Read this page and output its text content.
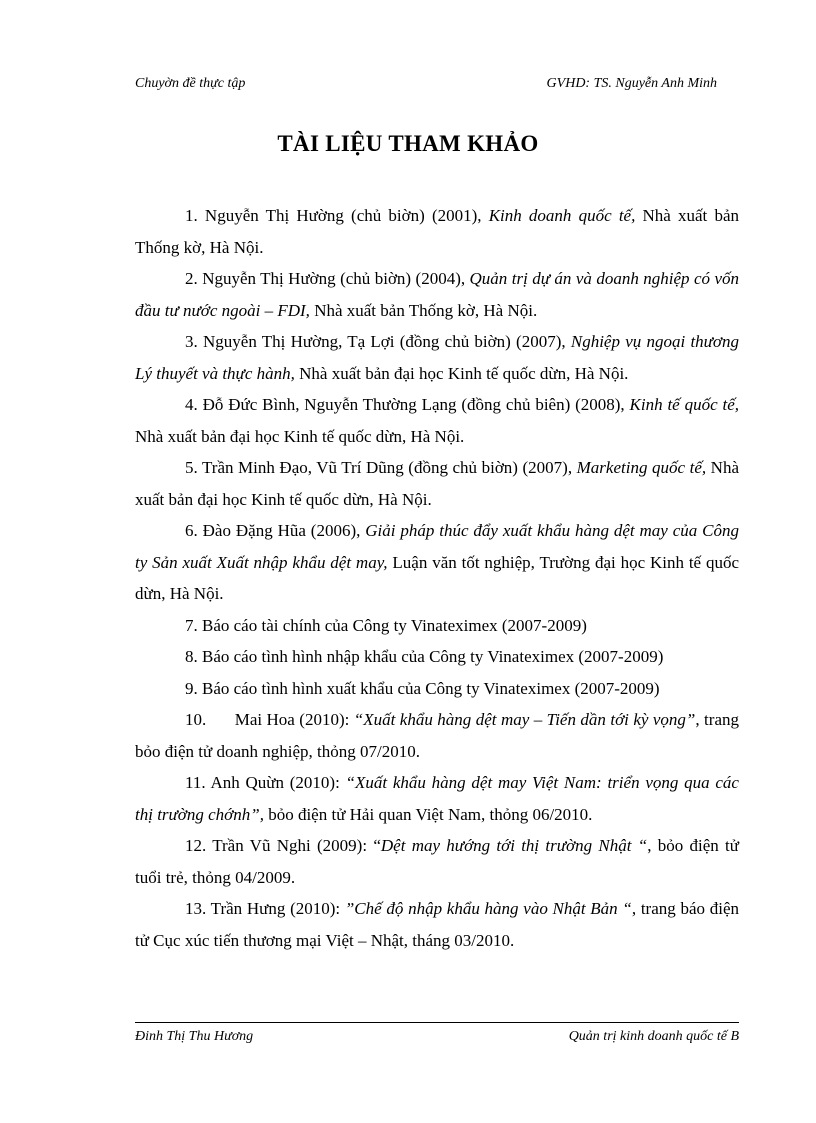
Chuyờn đề thực tập	GVHD: TS. Nguyễn Anh Minh
TÀI LIỆU THAM KHẢO

1. Nguyễn Thị Hường (chủ biờn) (2001), Kinh doanh quốc tế, Nhà xuất bản Thống kờ, Hà Nội.

2. Nguyễn Thị Hường (chủ biờn) (2004), Quản trị dự án và doanh nghiệp có vốn đầu tư nước ngoài – FDI, Nhà xuất bản Thống kờ, Hà Nội.

3. Nguyễn Thị Hường, Tạ Lợi (đồng chủ biờn) (2007), Nghiệp vụ ngoại thương Lý thuyết và thực hành, Nhà xuất bản đại học Kinh tế quốc dừn, Hà Nội.

4. Đỗ Đức Bình, Nguyễn Thường Lạng (đồng chủ biên) (2008), Kinh tế quốc tế, Nhà xuất bản đại học Kinh tế quốc dừn, Hà Nội.

5. Trần Minh Đạo, Vũ Trí Dũng (đồng chủ biờn) (2007), Marketing quốc tế, Nhà xuất bản đại học Kinh tế quốc dừn, Hà Nội.

6. Đào Đặng Hũa (2006), Giải pháp thúc đẩy xuất khẩu hàng dệt may của Công ty Sản xuất Xuất nhập khẩu dệt may, Luận văn tốt nghiệp, Trường đại học Kinh tế quốc dừn, Hà Nội.

7. Báo cáo tài chính của Công ty Vinateximex (2007-2009)

8. Báo cáo tình hình nhập khẩu của Công ty Vinateximex (2007-2009)

9. Báo cáo tình hình xuất khẩu của Công ty Vinateximex (2007-2009)

10. Mai Hoa (2010): “Xuất khẩu hàng dệt may – Tiến dần tới kỳ vọng”, trang bỏo điện tử doanh nghiệp, thỏng 07/2010.

11. Anh Quừn (2010): “Xuất khẩu hàng dệt may Việt Nam: triển vọng qua các thị trường chớnh”, bỏo điện tử Hải quan Việt Nam, thỏng 06/2010.

12. Trần Vũ Nghi (2009): “Dệt may hướng tới thị trường Nhật “, bỏo điện tử tuổi trẻ, thỏng 04/2009.

13. Trần Hưng (2010): ”Chế độ nhập khẩu hàng vào Nhật Bản “, trang báo điện tử Cục xúc tiến thương mại Việt – Nhật, tháng 03/2010.

Đinh Thị Thu Hương	Quản trị kinh doanh quốc tế B
